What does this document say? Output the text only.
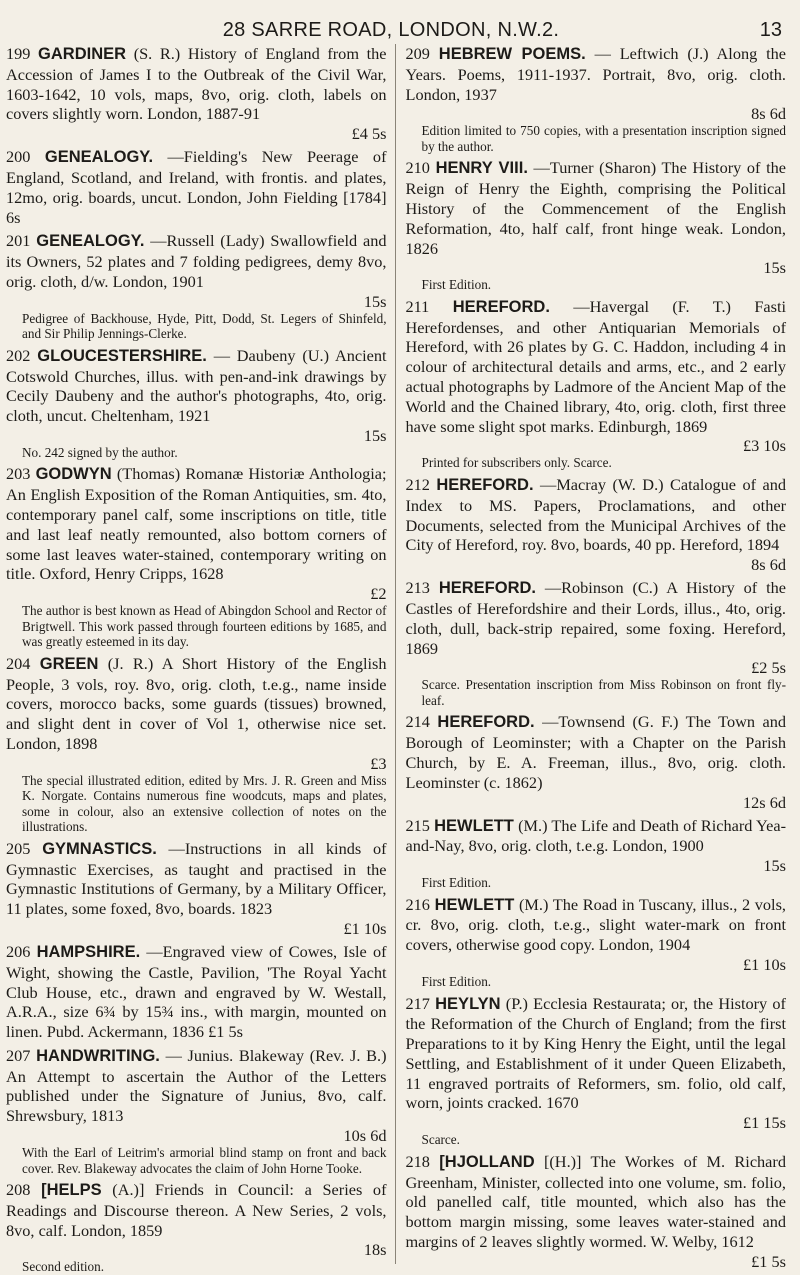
28 SARRE ROAD, LONDON, N.W.2.	13
199 GARDINER (S. R.) History of England from the Accession of James I to the Outbreak of the Civil War, 1603-1642, 10 vols, maps, 8vo, orig. cloth, labels on covers slightly worn. London, 1887-91
£4 5s
200 GENEALOGY. —Fielding's New Peerage of England, Scotland, and Ireland, with frontis. and plates, 12mo, orig. boards, uncut. London, John Fielding [1784] 6s
201 GENEALOGY. —Russell (Lady) Swallowfield and its Owners, 52 plates and 7 folding pedigrees, demy 8vo, orig. cloth, d/w. London, 1901
15s
Pedigree of Backhouse, Hyde, Pitt, Dodd, St. Legers of Shinfeld, and Sir Philip Jennings-Clerke.
202 GLOUCESTERSHIRE. — Daubeny (U.) Ancient Cotswold Churches, illus. with pen-and-ink drawings by Cecily Daubeny and the author's photographs, 4to, orig. cloth, uncut. Cheltenham, 1921
15s
No. 242 signed by the author.
203 GODWYN (Thomas) Romanæ Historiæ Anthologia; An English Exposition of the Roman Antiquities, sm. 4to, contemporary panel calf, some inscriptions on title, title and last leaf neatly remounted, also bottom corners of some last leaves water-stained, contemporary writing on title. Oxford, Henry Cripps, 1628
£2
The author is best known as Head of Abingdon School and Rector of Brigtwell. This work passed through fourteen editions by 1685, and was greatly esteemed in its day.
204 GREEN (J. R.) A Short History of the English People, 3 vols, roy. 8vo, orig. cloth, t.e.g., name inside covers, morocco backs, some guards (tissues) browned, and slight dent in cover of Vol 1, otherwise nice set. London, 1898
£3
The special illustrated edition, edited by Mrs. J. R. Green and Miss K. Norgate. Contains numerous fine woodcuts, maps and plates, some in colour, also an extensive collection of notes on the illustrations.
205 GYMNASTICS. —Instructions in all kinds of Gymnastic Exercises, as taught and practised in the Gymnastic Institutions of Germany, by a Military Officer, 11 plates, some foxed, 8vo, boards. 1823
£1 10s
206 HAMPSHIRE. —Engraved view of Cowes, Isle of Wight, showing the Castle, Pavilion, 'The Royal Yacht Club House, etc., drawn and engraved by W. Westall, A.R.A., size 6¾ by 15¾ ins., with margin, mounted on linen. Pubd. Ackermann, 1836 £1 5s
207 HANDWRITING. — Junius. Blakeway (Rev. J. B.) An Attempt to ascertain the Author of the Letters published under the Signature of Junius, 8vo, calf. Shrewsbury, 1813
10s 6d
With the Earl of Leitrim's armorial blind stamp on front and back cover. Rev. Blakeway advocates the claim of John Horne Tooke.
208 [HELPS (A.)] Friends in Council: a Series of Readings and Discourse thereon. A New Series, 2 vols, 8vo, calf. London, 1859
18s
Second edition.
209 HEBREW POEMS. — Leftwich (J.) Along the Years. Poems, 1911-1937. Portrait, 8vo, orig. cloth. London, 1937
8s 6d
Edition limited to 750 copies, with a presentation inscription signed by the author.
210 HENRY VIII. —Turner (Sharon) The History of the Reign of Henry the Eighth, comprising the Political History of the Commencement of the English Reformation, 4to, half calf, front hinge weak. London, 1826
15s
First Edition.
211 HEREFORD. —Havergal (F. T.) Fasti Herefordenses, and other Antiquarian Memorials of Hereford, with 26 plates by G. C. Haddon, including 4 in colour of architectural details and arms, etc., and 2 early actual photographs by Ladmore of the Ancient Map of the World and the Chained library, 4to, orig. cloth, first three have some slight spot marks. Edinburgh, 1869
£3 10s
Printed for subscribers only. Scarce.
212 HEREFORD. —Macray (W. D.) Catalogue of and Index to MS. Papers, Proclamations, and other Documents, selected from the Municipal Archives of the City of Hereford, roy. 8vo, boards, 40 pp. Hereford, 1894
8s 6d
213 HEREFORD. —Robinson (C.) A History of the Castles of Herefordshire and their Lords, illus., 4to, orig. cloth, dull, back-strip repaired, some foxing. Hereford, 1869
£2 5s
Scarce. Presentation inscription from Miss Robinson on front fly-leaf.
214 HEREFORD. —Townsend (G. F.) The Town and Borough of Leominster; with a Chapter on the Parish Church, by E. A. Freeman, illus., 8vo, orig. cloth. Leominster (c. 1862)
12s 6d
215 HEWLETT (M.) The Life and Death of Richard Yea-and-Nay, 8vo, orig. cloth, t.e.g. London, 1900
15s
First Edition.
216 HEWLETT (M.) The Road in Tuscany, illus., 2 vols, cr. 8vo, orig. cloth, t.e.g., slight water-mark on front covers, otherwise good copy. London, 1904
£1 10s
First Edition.
217 HEYLYN (P.) Ecclesia Restaurata; or, the History of the Reformation of the Church of England; from the first Preparations to it by King Henry the Eight, until the legal Settling, and Establishment of it under Queen Elizabeth, 11 engraved portraits of Reformers, sm. folio, old calf, worn, joints cracked. 1670
£1 15s
Scarce.
218 [HJOLLAND [(H.)] The Workes of M. Richard Greenham, Minister, collected into one volume, sm. folio, old panelled calf, title mounted, which also has the bottom margin missing, some leaves water-stained and margins of 2 leaves slightly wormed. W. Welby, 1612
£1 5s
